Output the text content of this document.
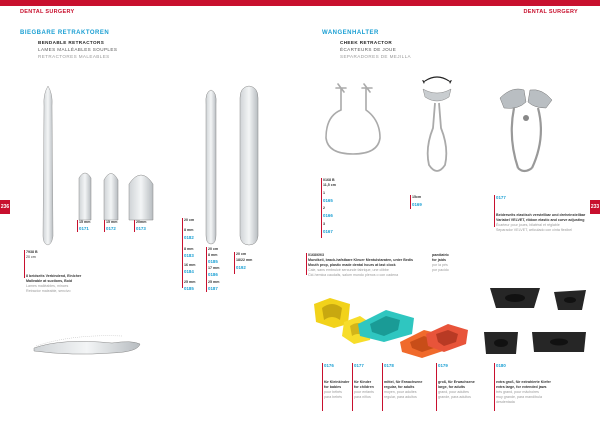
DENTAL SURGERY
BIEGBARE RETRAKTOREN
BENDABLE RETRACTORS
LAMES MALLÉABLES SOUPLES
RETRACTORES MALEABLES
236
7938 B
20 cm
8 beidseits Verbindend, Einlcher
Malleable at suctions, Boid
Lames malléables, minces
Retractor maleable, sencivo
15 mm
0171
15 mm
0172
20mm
0173
20 cm
8 mm
0182
8 mm
0183
16 mm
0184
25 mm
0185
20 cm
8 mm
0185
17 mm
0186
25 mm
0187
20 cm
18/22 mm
0192
DENTAL SURGERY
WANGENHALTER
CHEEK RETRACTOR
ÉCARTEURS DE JOUE
SEPARADORES DE MEJILLA
233
0168 B
11,5 cm
1
0165
2
0166
3
0167
15cm
0169
0177
Beiderseits elastisch verstellbar und dreheinstellbar
Variabel VELVET, ribbon elastic and curve adjusting
Écarteur pour joues, bilatéral et réglable
Separador VELVET, articulado con cinta flexibel
0168/69/3
Mundkeil, brack-hafstbare Kleuer Mentulstaraten, unter Bedis
Mouth prop, plastic made dental hours at last clock
Cale, sans embrulcé sercunde fabrique, une clibbe
Cid-hemica caudalis, salum mundo plenos o con cadena
paediatric
for jaids
por la pés
por pacido
0176
für Kleinkinder
for babies
pour bébés
para bebés
0177
für Kinder
for children
pour enfants
para niños
0178
mittel, für Erwachsene
regular, for adults
moyen, pour adultes
regular, para adultos
0179
groß, für Erwachsene
large, for adults
grand, pour adultes
grande, para adultos
0180
extra groß, für extrahierte Kiefer
extra large, for extended jaws
très grand, pour mâchoires
muy grande, para mandíbula
desdentada
